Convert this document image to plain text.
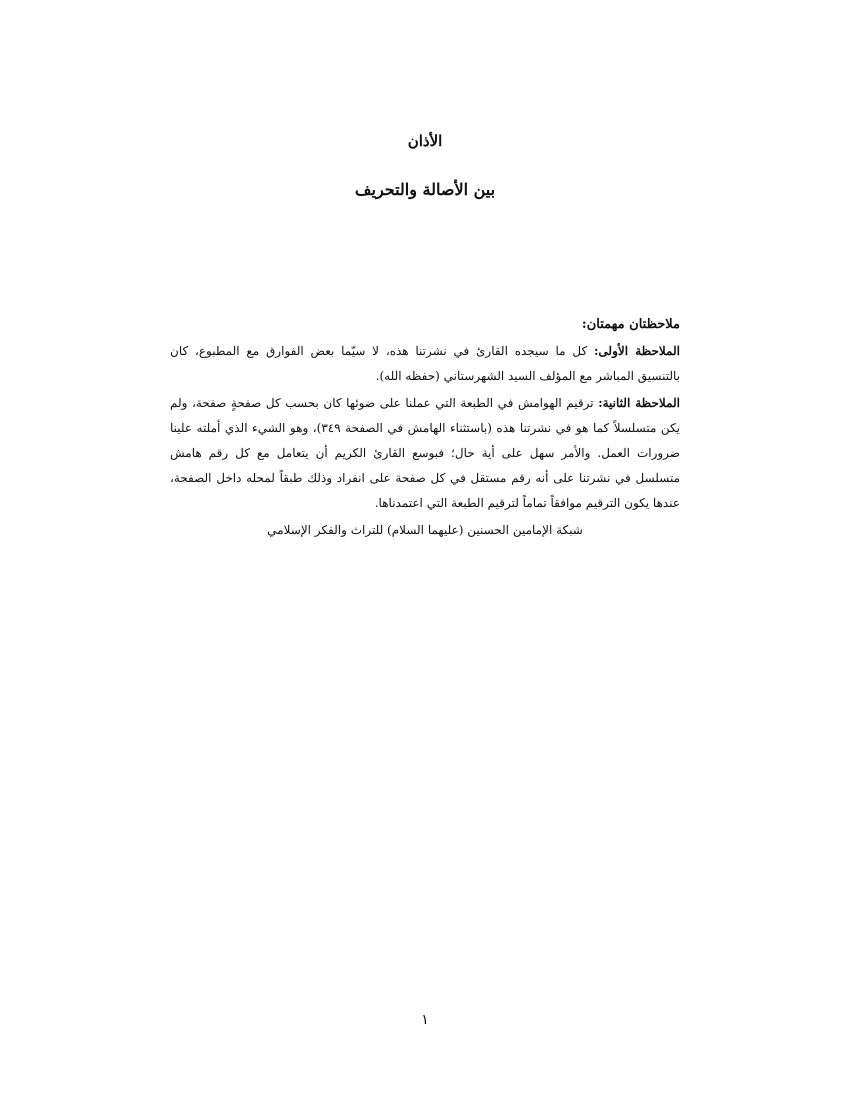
الأذان
بين الأصالة والتحريف

ملاحظتان مهمتان:

الملاحظة الأولى: كل ما سيجده القارئ في نشرتنا هذه، لا سيّما بعض الفوارق مع المطبوع، كان بالتنسيق المباشر مع المؤلف السيد الشهرستاني (حفظه الله).

الملاحظة الثانية: ترقيم الهوامش في الطبعة التي عملنا على ضوئها كان بحسب كل صفحةٍ صفحة، ولم يكن متسلسلاً كما هو في نشرتنا هذه (باستثناء الهامش في الصفحة ٣٤٩)، وهو الشيء الذي أملته علينا ضرورات العمل. والأمر سهل على أية حال؛ فبوسع القارئ الكريم أن يتعامل مع كل رقم هامش متسلسل في نشرتنا على أنه رقم مستقل في كل صفحة على انفراد وذلك طبقاً لمحله داخل الصفحة، عندها يكون الترقيم موافقاً تماماً لترقيم الطبعة التي اعتمدناها.

شبكة الإمامين الحسنين (عليهما السلام) للتراث والفكر الإسلامي

١
